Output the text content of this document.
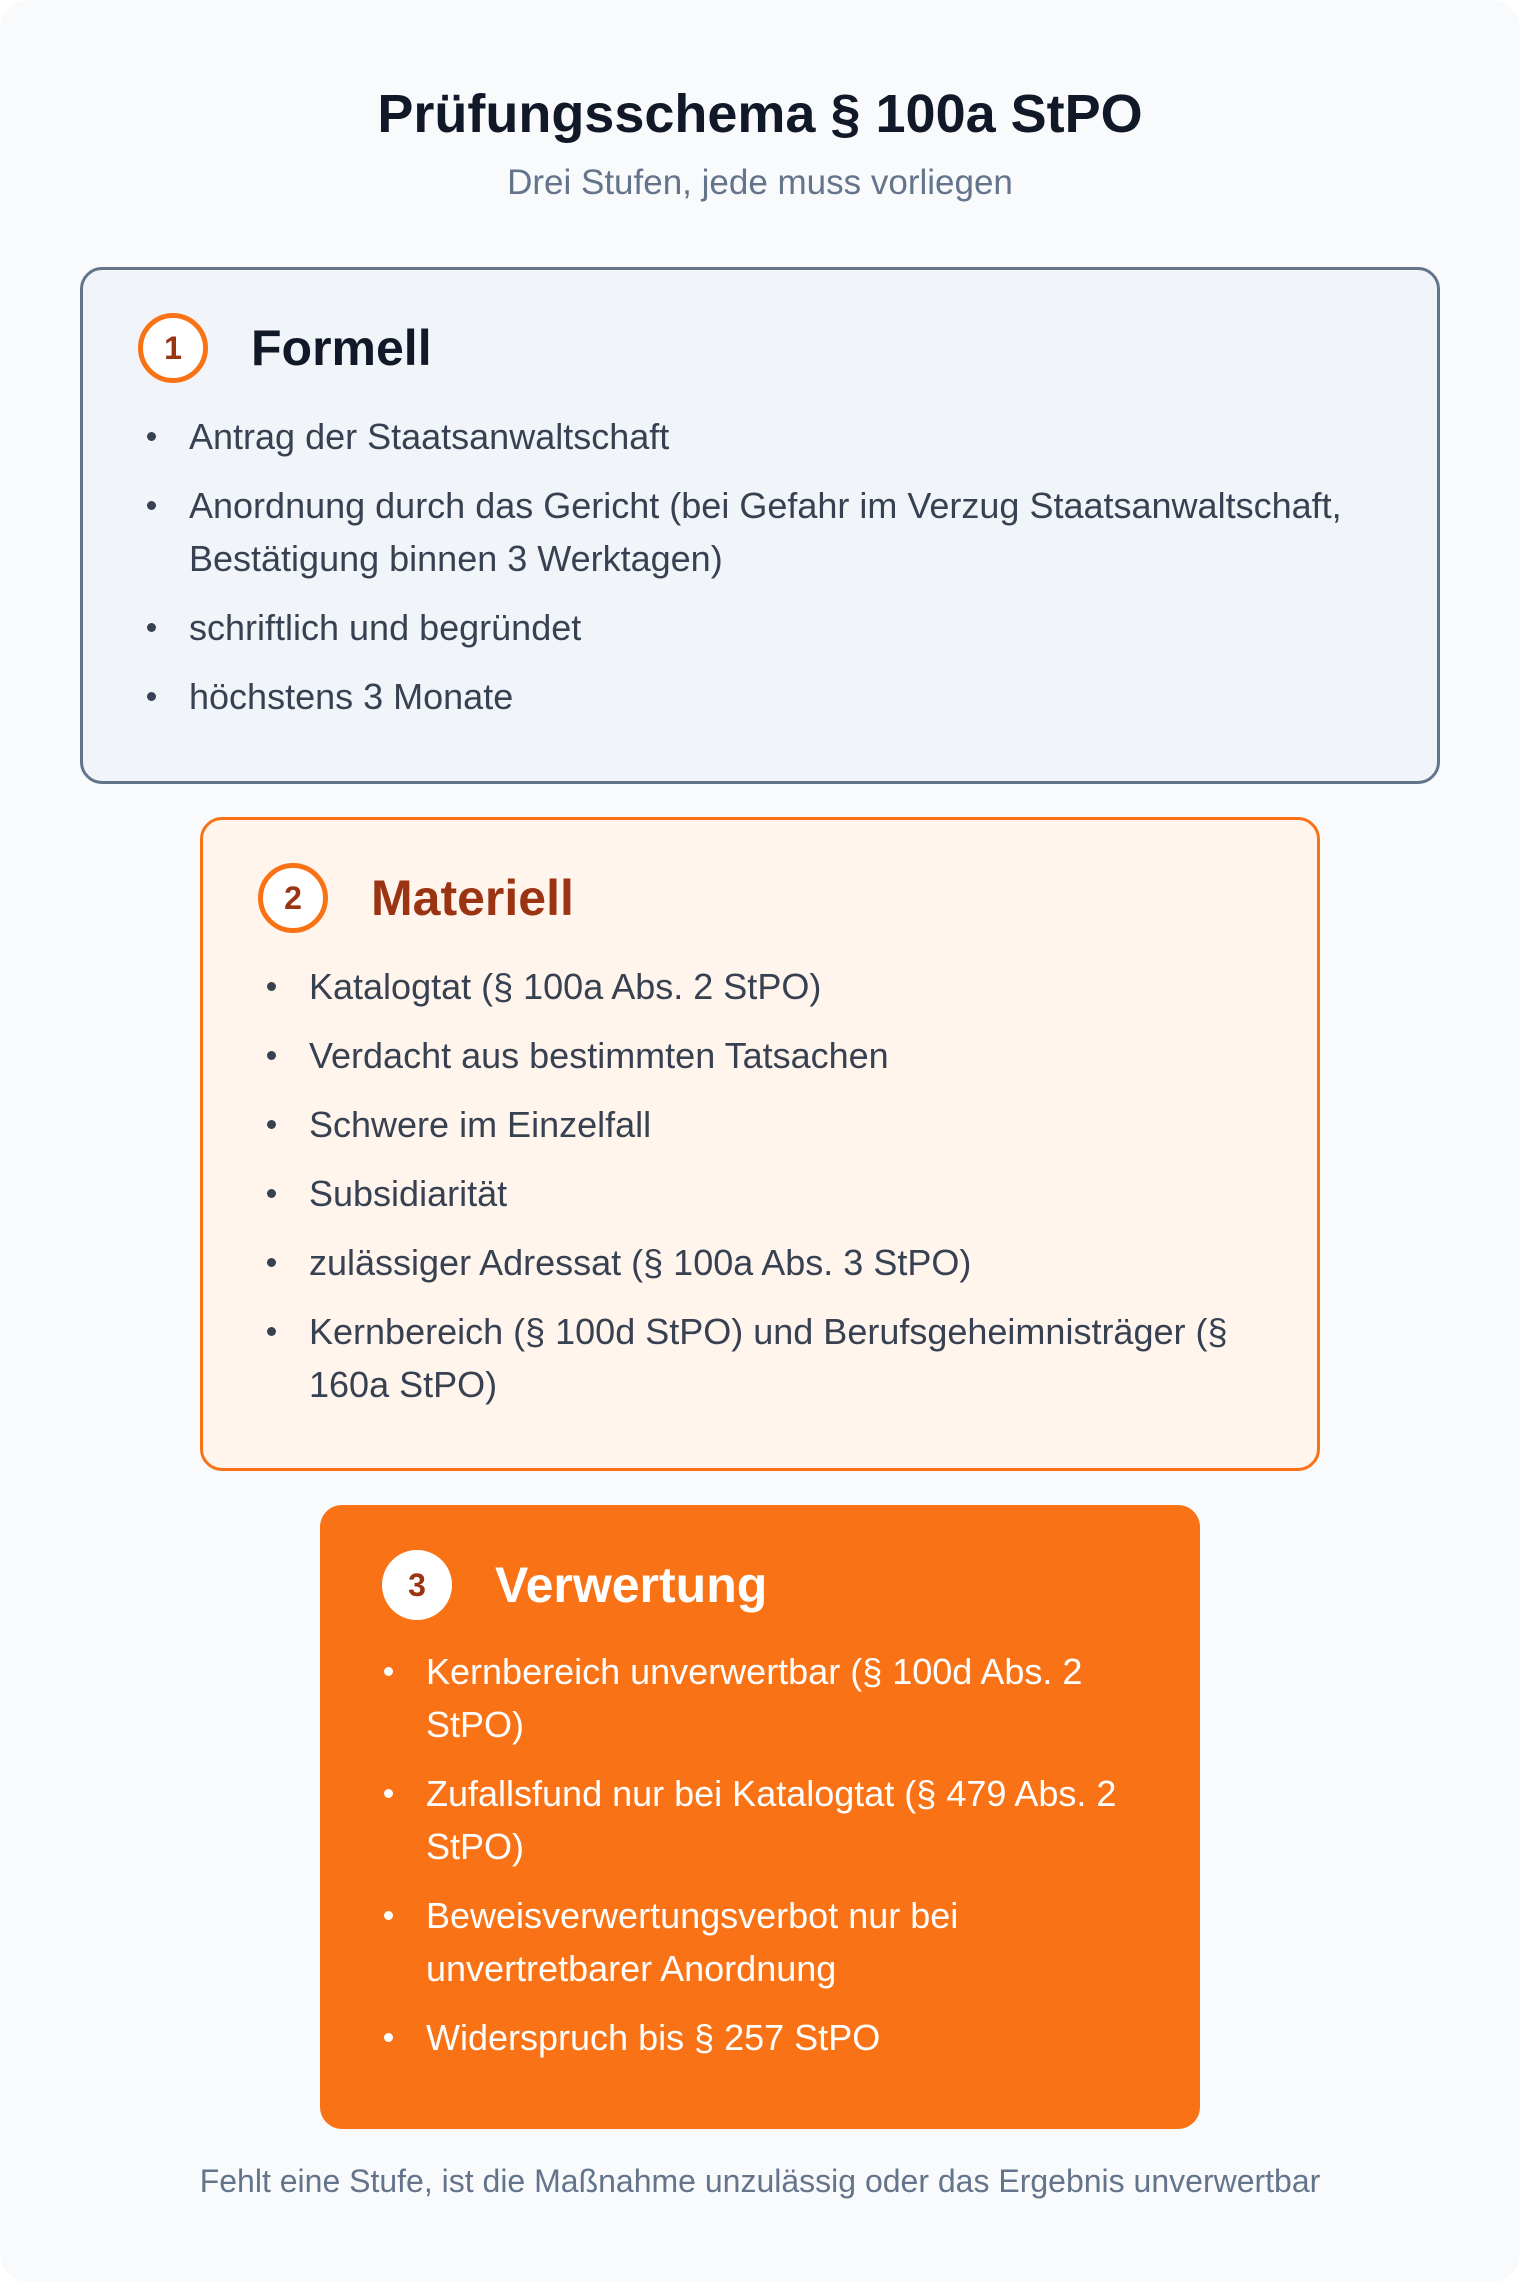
Prüfungsschema § 100a StPO
Drei Stufen, jede muss vorliegen
1	Formell
Antrag der Staatsanwaltschaft
Anordnung durch das Gericht (bei Gefahr im Verzug Staatsanwaltschaft, Bestätigung binnen 3 Werktagen)
schriftlich und begründet
höchstens 3 Monate
2	Materiell
Katalogtat (§ 100a Abs. 2 StPO)
Verdacht aus bestimmten Tatsachen
Schwere im Einzelfall
Subsidiarität
zulässiger Adressat (§ 100a Abs. 3 StPO)
Kernbereich (§ 100d StPO) und Berufsgeheimnisträger (§ 160a StPO)
3	Verwertung
Kernbereich unverwertbar (§ 100d Abs. 2 StPO)
Zufallsfund nur bei Katalogtat (§ 479 Abs. 2 StPO)
Beweisverwertungsverbot nur bei unvertretbarer Anordnung
Widerspruch bis § 257 StPO
Fehlt eine Stufe, ist die Maßnahme unzulässig oder das Ergebnis unverwertbar
